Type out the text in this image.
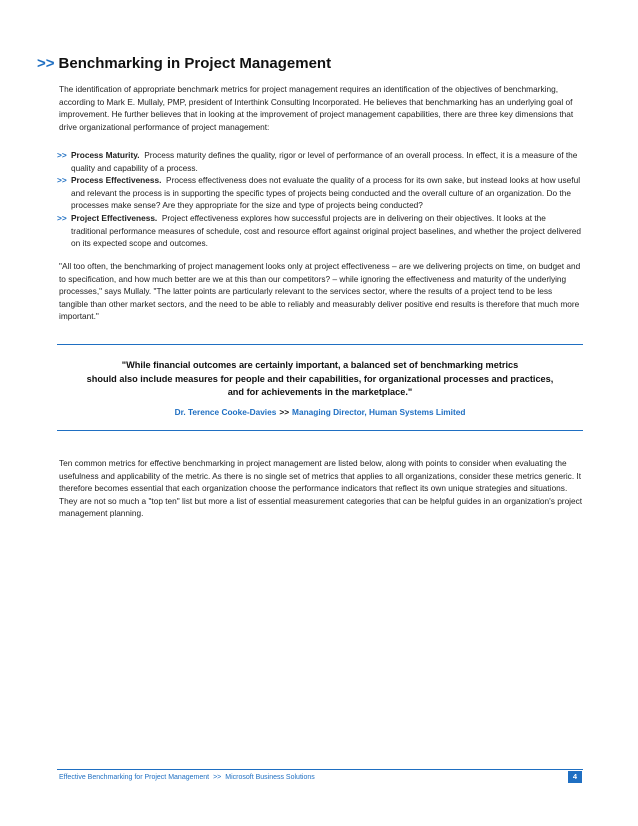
>> Benchmarking in Project Management

The identification of appropriate benchmark metrics for project management requires an identification of the objectives of benchmarking, according to Mark E. Mullaly, PMP, president of Interthink Consulting Incorporated. He believes that benchmarking has an underlying goal of improvement. He further believes that in looking at the improvement of project management capabilities, there are three key dimensions that drive organizational performance of project management:

>> Process Maturity. Process maturity defines the quality, rigor or level of performance of an overall process. In effect, it is a measure of the quality and capability of a process.

>> Process Effectiveness. Process effectiveness does not evaluate the quality of a process for its own sake, but instead looks at how useful and relevant the process is in supporting the specific types of projects being conducted and the overall culture of an organization. Do the processes make sense? Are they appropriate for the size and type of projects being conducted?

>> Project Effectiveness. Project effectiveness explores how successful projects are in delivering on their objectives. It looks at the traditional performance measures of schedule, cost and resource effort against original project baselines, and whether the project delivered on its expected scope and outcomes.

"All too often, the benchmarking of project management looks only at project effectiveness – are we delivering projects on time, on budget and to specification, and how much better are we at this than our competitors? – while ignoring the effectiveness and maturity of the underlying processes," says Mullaly. "The latter points are particularly relevant to the services sector, where the results of a project tend to be less tangible than other market sectors, and the need to be able to reliably and measurably deliver positive end results is therefore that much more important."

"While financial outcomes are certainly important, a balanced set of benchmarking metrics
should also include measures for people and their capabilities, for organizational processes and practices,
and for achievements in the marketplace."
Dr. Terence Cooke-Davies >> Managing Director, Human Systems Limited

Ten common metrics for effective benchmarking in project management are listed below, along with points to consider when evaluating the usefulness and applicability of the metric. As there is no single set of metrics that applies to all organizations, consider these metrics generic. It therefore becomes essential that each organization choose the performance indicators that reflect its own unique strategies and situations. They are not so much a "top ten" list but more a list of essential measurement categories that can be helpful guides in an organization's project management planning.

Effective Benchmarking for Project Management >> Microsoft Business Solutions	4
